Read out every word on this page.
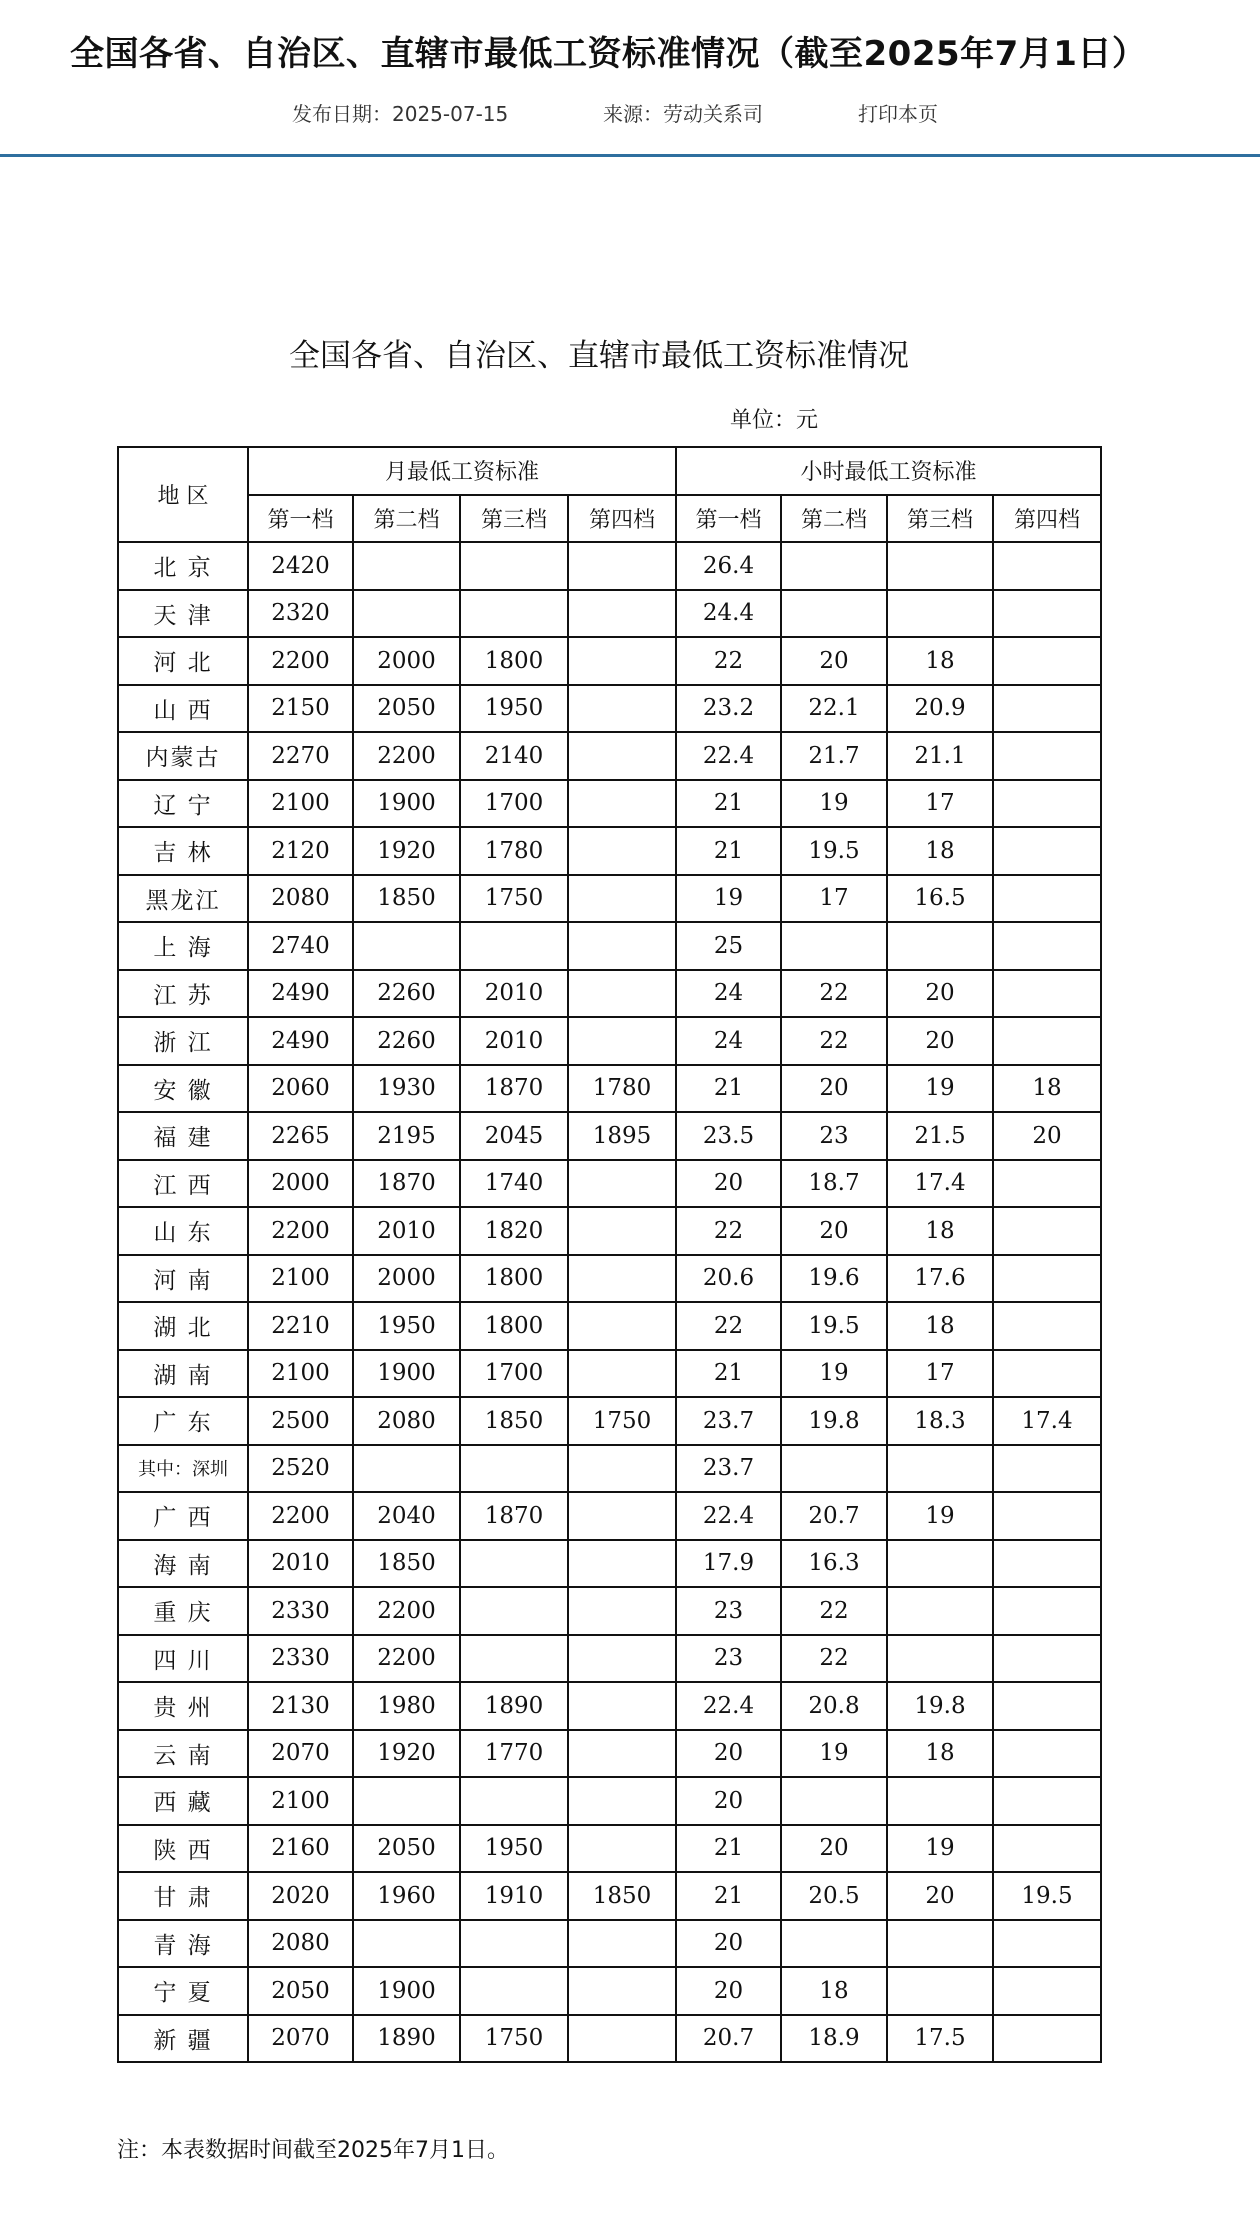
全国各省、自治区、直辖市最低工资标准情况（截至2025年7月1日）
发布日期：2025-07-15	来源：劳动关系司	打印本页
全国各省、自治区、直辖市最低工资标准情况
单位：元
地 区	月最低工资标准				小时最低工资标准			
	第一档	第二档	第三档	第四档	第一档	第二档	第三档	第四档
北 京	2420				26.4			
天 津	2320				24.4			
河 北	2200	2000	1800		22	20	18	
山 西	2150	2050	1950		23.2	22.1	20.9	
内蒙古	2270	2200	2140		22.4	21.7	21.1	
辽 宁	2100	1900	1700		21	19	17	
吉 林	2120	1920	1780		21	19.5	18	
黑龙江	2080	1850	1750		19	17	16.5	
上 海	2740				25			
江 苏	2490	2260	2010		24	22	20	
浙 江	2490	2260	2010		24	22	20	
安 徽	2060	1930	1870	1780	21	20	19	18
福 建	2265	2195	2045	1895	23.5	23	21.5	20
江 西	2000	1870	1740		20	18.7	17.4	
山 东	2200	2010	1820		22	20	18	
河 南	2100	2000	1800		20.6	19.6	17.6	
湖 北	2210	1950	1800		22	19.5	18	
湖 南	2100	1900	1700		21	19	17	
广 东	2500	2080	1850	1750	23.7	19.8	18.3	17.4
其中：深圳	2520				23.7			
广 西	2200	2040	1870		22.4	20.7	19	
海 南	2010	1850			17.9	16.3		
重 庆	2330	2200			23	22		
四 川	2330	2200			23	22		
贵 州	2130	1980	1890		22.4	20.8	19.8	
云 南	2070	1920	1770		20	19	18	
西 藏	2100				20			
陕 西	2160	2050	1950		21	20	19	
甘 肃	2020	1960	1910	1850	21	20.5	20	19.5
青 海	2080				20			
宁 夏	2050	1900			20	18		
新 疆	2070	1890	1750		20.7	18.9	17.5	
注：本表数据时间截至2025年7月1日。
